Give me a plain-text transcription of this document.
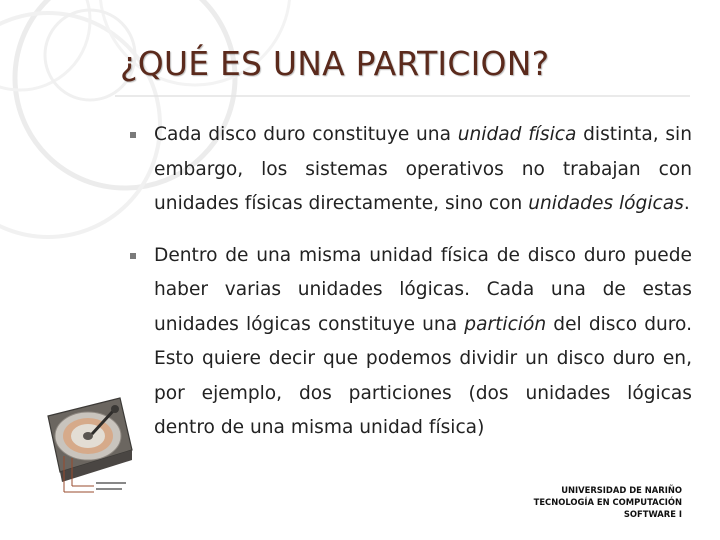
¿QUÉ ES UNA PARTICION?
Cada disco duro constituye una unidad física distinta, sin embargo, los sistemas operativos no trabajan con unidades físicas directamente, sino con unidades lógicas.
Dentro de una misma unidad física de disco duro puede haber varias unidades lógicas. Cada una de estas unidades lógicas constituye una partición del disco duro. Esto quiere decir que podemos dividir un disco duro en, por ejemplo, dos particiones (dos unidades lógicas dentro de una misma unidad física)
UNIVERSIDAD DE NARIÑO
TECNOLOGÍA EN COMPUTACIÓN
SOFTWARE I
